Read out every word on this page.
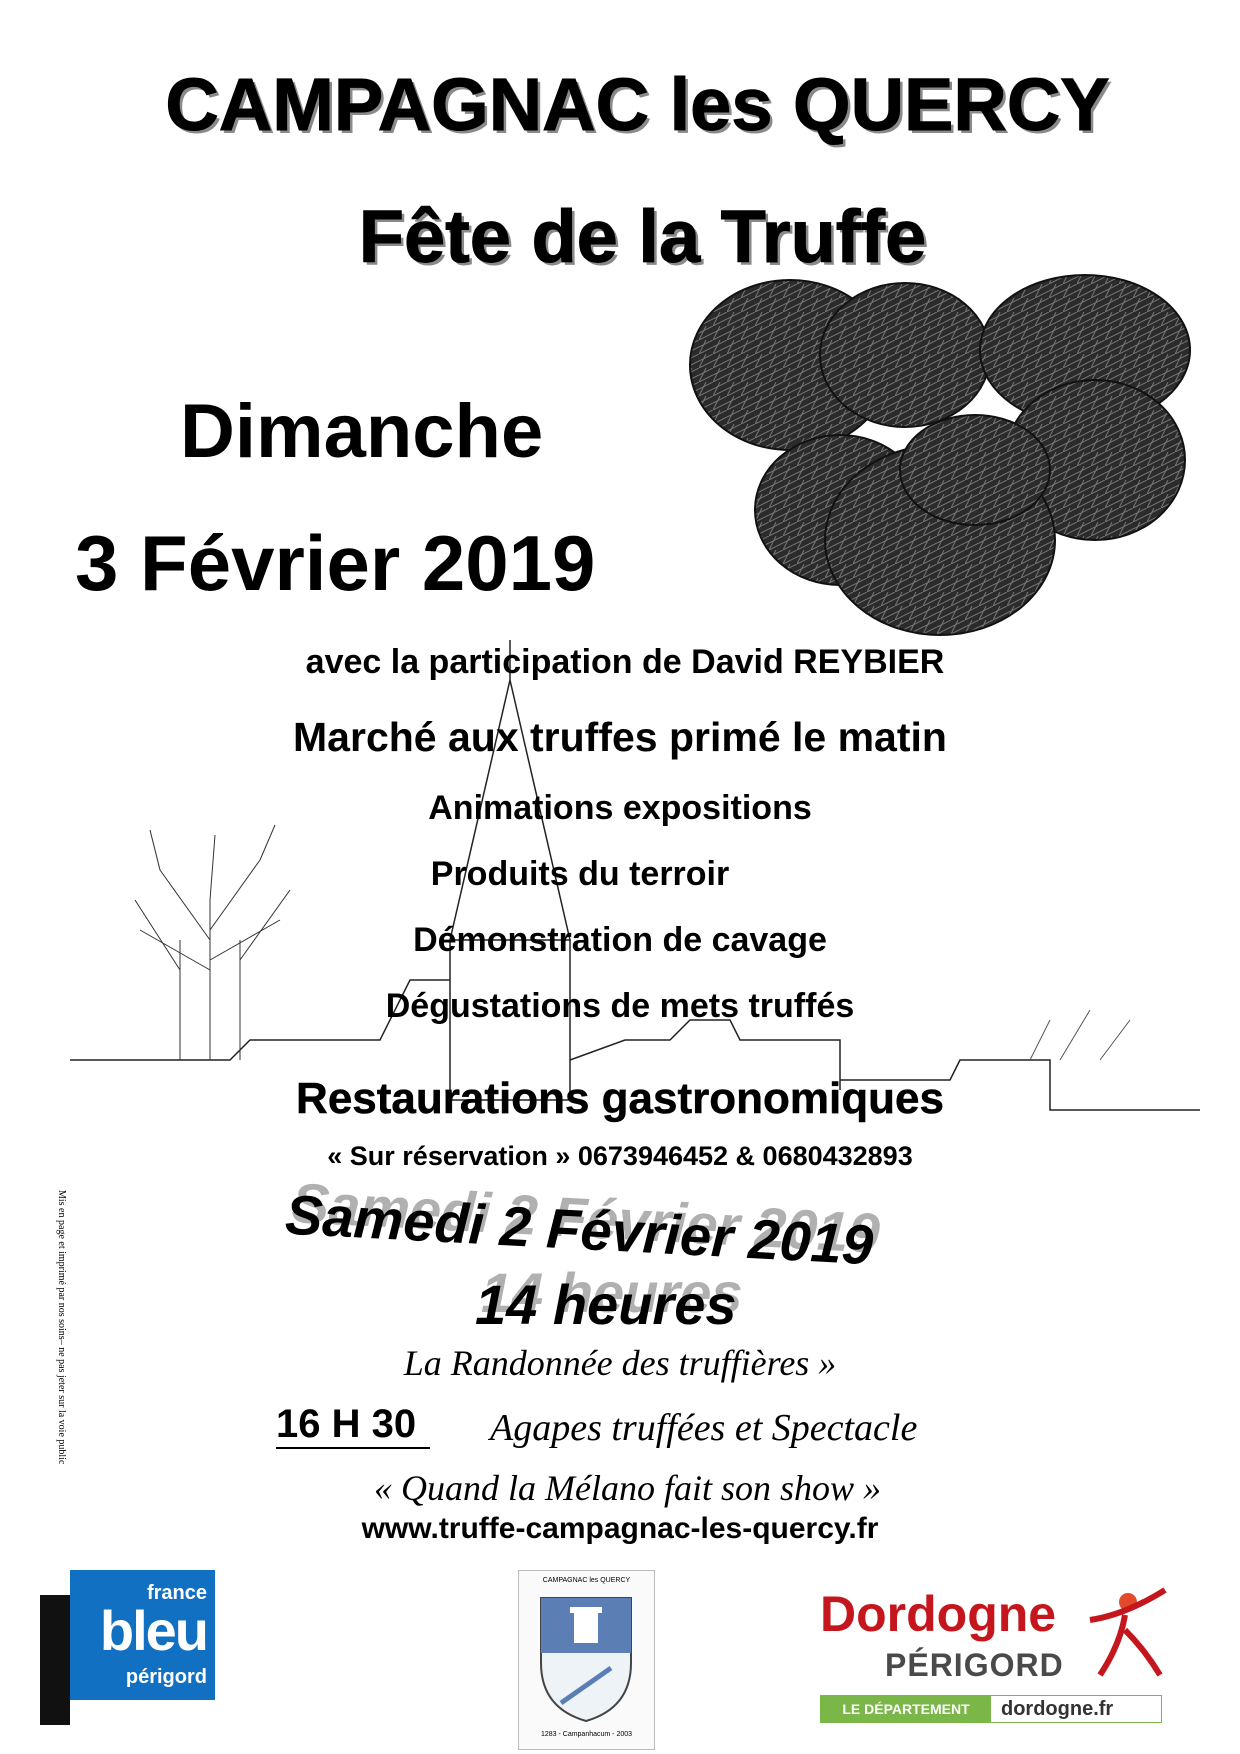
CAMPAGNAC les QUERCY
Fête de la Truffe
Dimanche
3 Février 2019
avec la participation de David REYBIER
Marché aux truffes primé le matin
Animations expositions
Produits du terroir
Démonstration de cavage
Dégustations de mets truffés
Restaurations gastronomiques
« Sur réservation » 0673946452 & 0680432893
Samedi 2 Février 2019
14 heures
La Randonnée des truffières »
16 H 30	Agapes truffées et Spectacle
« Quand la Mélano fait son show »
www.truffe-campagnac-les-quercy.fr
Mis en page et imprimé par nos soins– ne pas jeter sur la voie public
france
bleu
périgord
CAMPAGNAC les QUERCY
1283 - Campanhacum - 2003
Dordogne
PÉRIGORD
LE DÉPARTEMENT	dordogne.fr
